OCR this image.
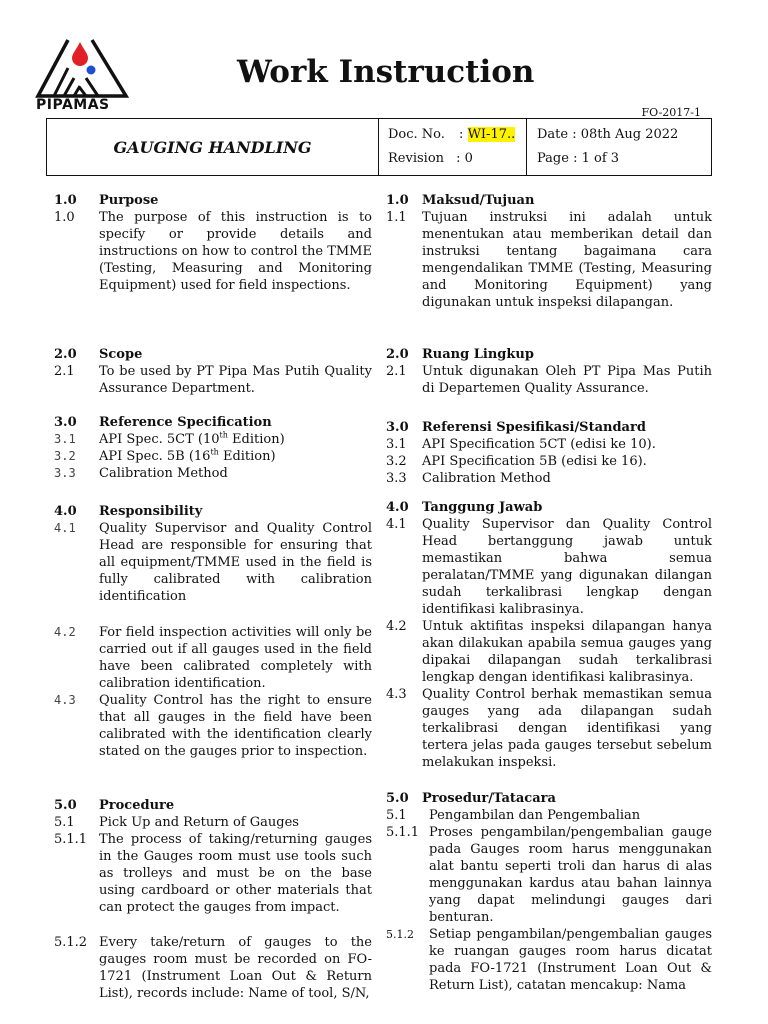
PIPAMAS
Work Instruction
FO-2017-1
GAUGING HANDLING
Doc. No. : WI-17..
Revision : 0
Date : 08th Aug 2022
Page : 1 of 3
1.0	Purpose
1.0	The purpose of this instruction is to specify or provide details and instructions on how to control the TMME (Testing, Measuring and Monitoring Equipment) used for field inspections.
2.0	Scope
2.1	To be used by PT Pipa Mas Putih Quality Assurance Department.
3.0	Reference Specification
3.1	API Spec. 5CT (10th Edition)
3.2	API Spec. 5B (16th Edition)
3.3	Calibration Method
4.0	Responsibility
4.1	Quality Supervisor and Quality Control Head are responsible for ensuring that all equipment/TMME used in the field is fully calibrated with calibration identification
4.2	For field inspection activities will only be carried out if all gauges used in the field have been calibrated completely with calibration identification.
4.3	Quality Control has the right to ensure that all gauges in the field have been calibrated with the identification clearly stated on the gauges prior to inspection.
5.0	Procedure
5.1	Pick Up and Return of Gauges
5.1.1 The process of taking/returning gauges in the Gauges room must use tools such as trolleys and must be on the base using cardboard or other materials that can protect the gauges from impact.
5.1.2 Every take/return of gauges to the gauges room must be recorded on FO-1721 (Instrument Loan Out & Return List), records include: Name of tool, S/N,
1.0	Maksud/Tujuan
1.1	Tujuan instruksi ini adalah untuk menentukan atau memberikan detail dan instruksi tentang bagaimana cara mengendalikan TMME (Testing, Measuring and Monitoring Equipment) yang digunakan untuk inspeksi dilapangan.
2.0	Ruang Lingkup
2.1	Untuk digunakan Oleh PT Pipa Mas Putih di Departemen Quality Assurance.
3.0	Referensi Spesifikasi/Standard
3.1	API Specification 5CT (edisi ke 10).
3.2	API Specification 5B (edisi ke 16).
3.3	Calibration Method
4.0	Tanggung Jawab
4.1	Quality Supervisor dan Quality Control Head bertanggung jawab untuk memastikan bahwa semua peralatan/TMME yang digunakan dilangan sudah terkalibrasi lengkap dengan identifikasi kalibrasinya.
4.2	Untuk aktifitas inspeksi dilapangan hanya akan dilakukan apabila semua gauges yang dipakai dilapangan sudah terkalibrasi lengkap dengan identifikasi kalibrasinya.
4.3	Quality Control berhak memastikan semua gauges yang ada dilapangan sudah terkalibrasi dengan identifikasi yang tertera jelas pada gauges tersebut sebelum melakukan inspeksi.
5.0	Prosedur/Tatacara
5.1	Pengambilan dan Pengembalian
5.1.1 Proses pengambilan/pengembalian gauge pada Gauges room harus menggunakan alat bantu seperti troli dan harus di alas menggunakan kardus atau bahan lainnya yang dapat melindungi gauges dari benturan.
5.1.2	Setiap pengambilan/pengembalian gauges ke ruangan gauges room harus dicatat pada FO-1721 (Instrument Loan Out & Return List), catatan mencakup: Nama
